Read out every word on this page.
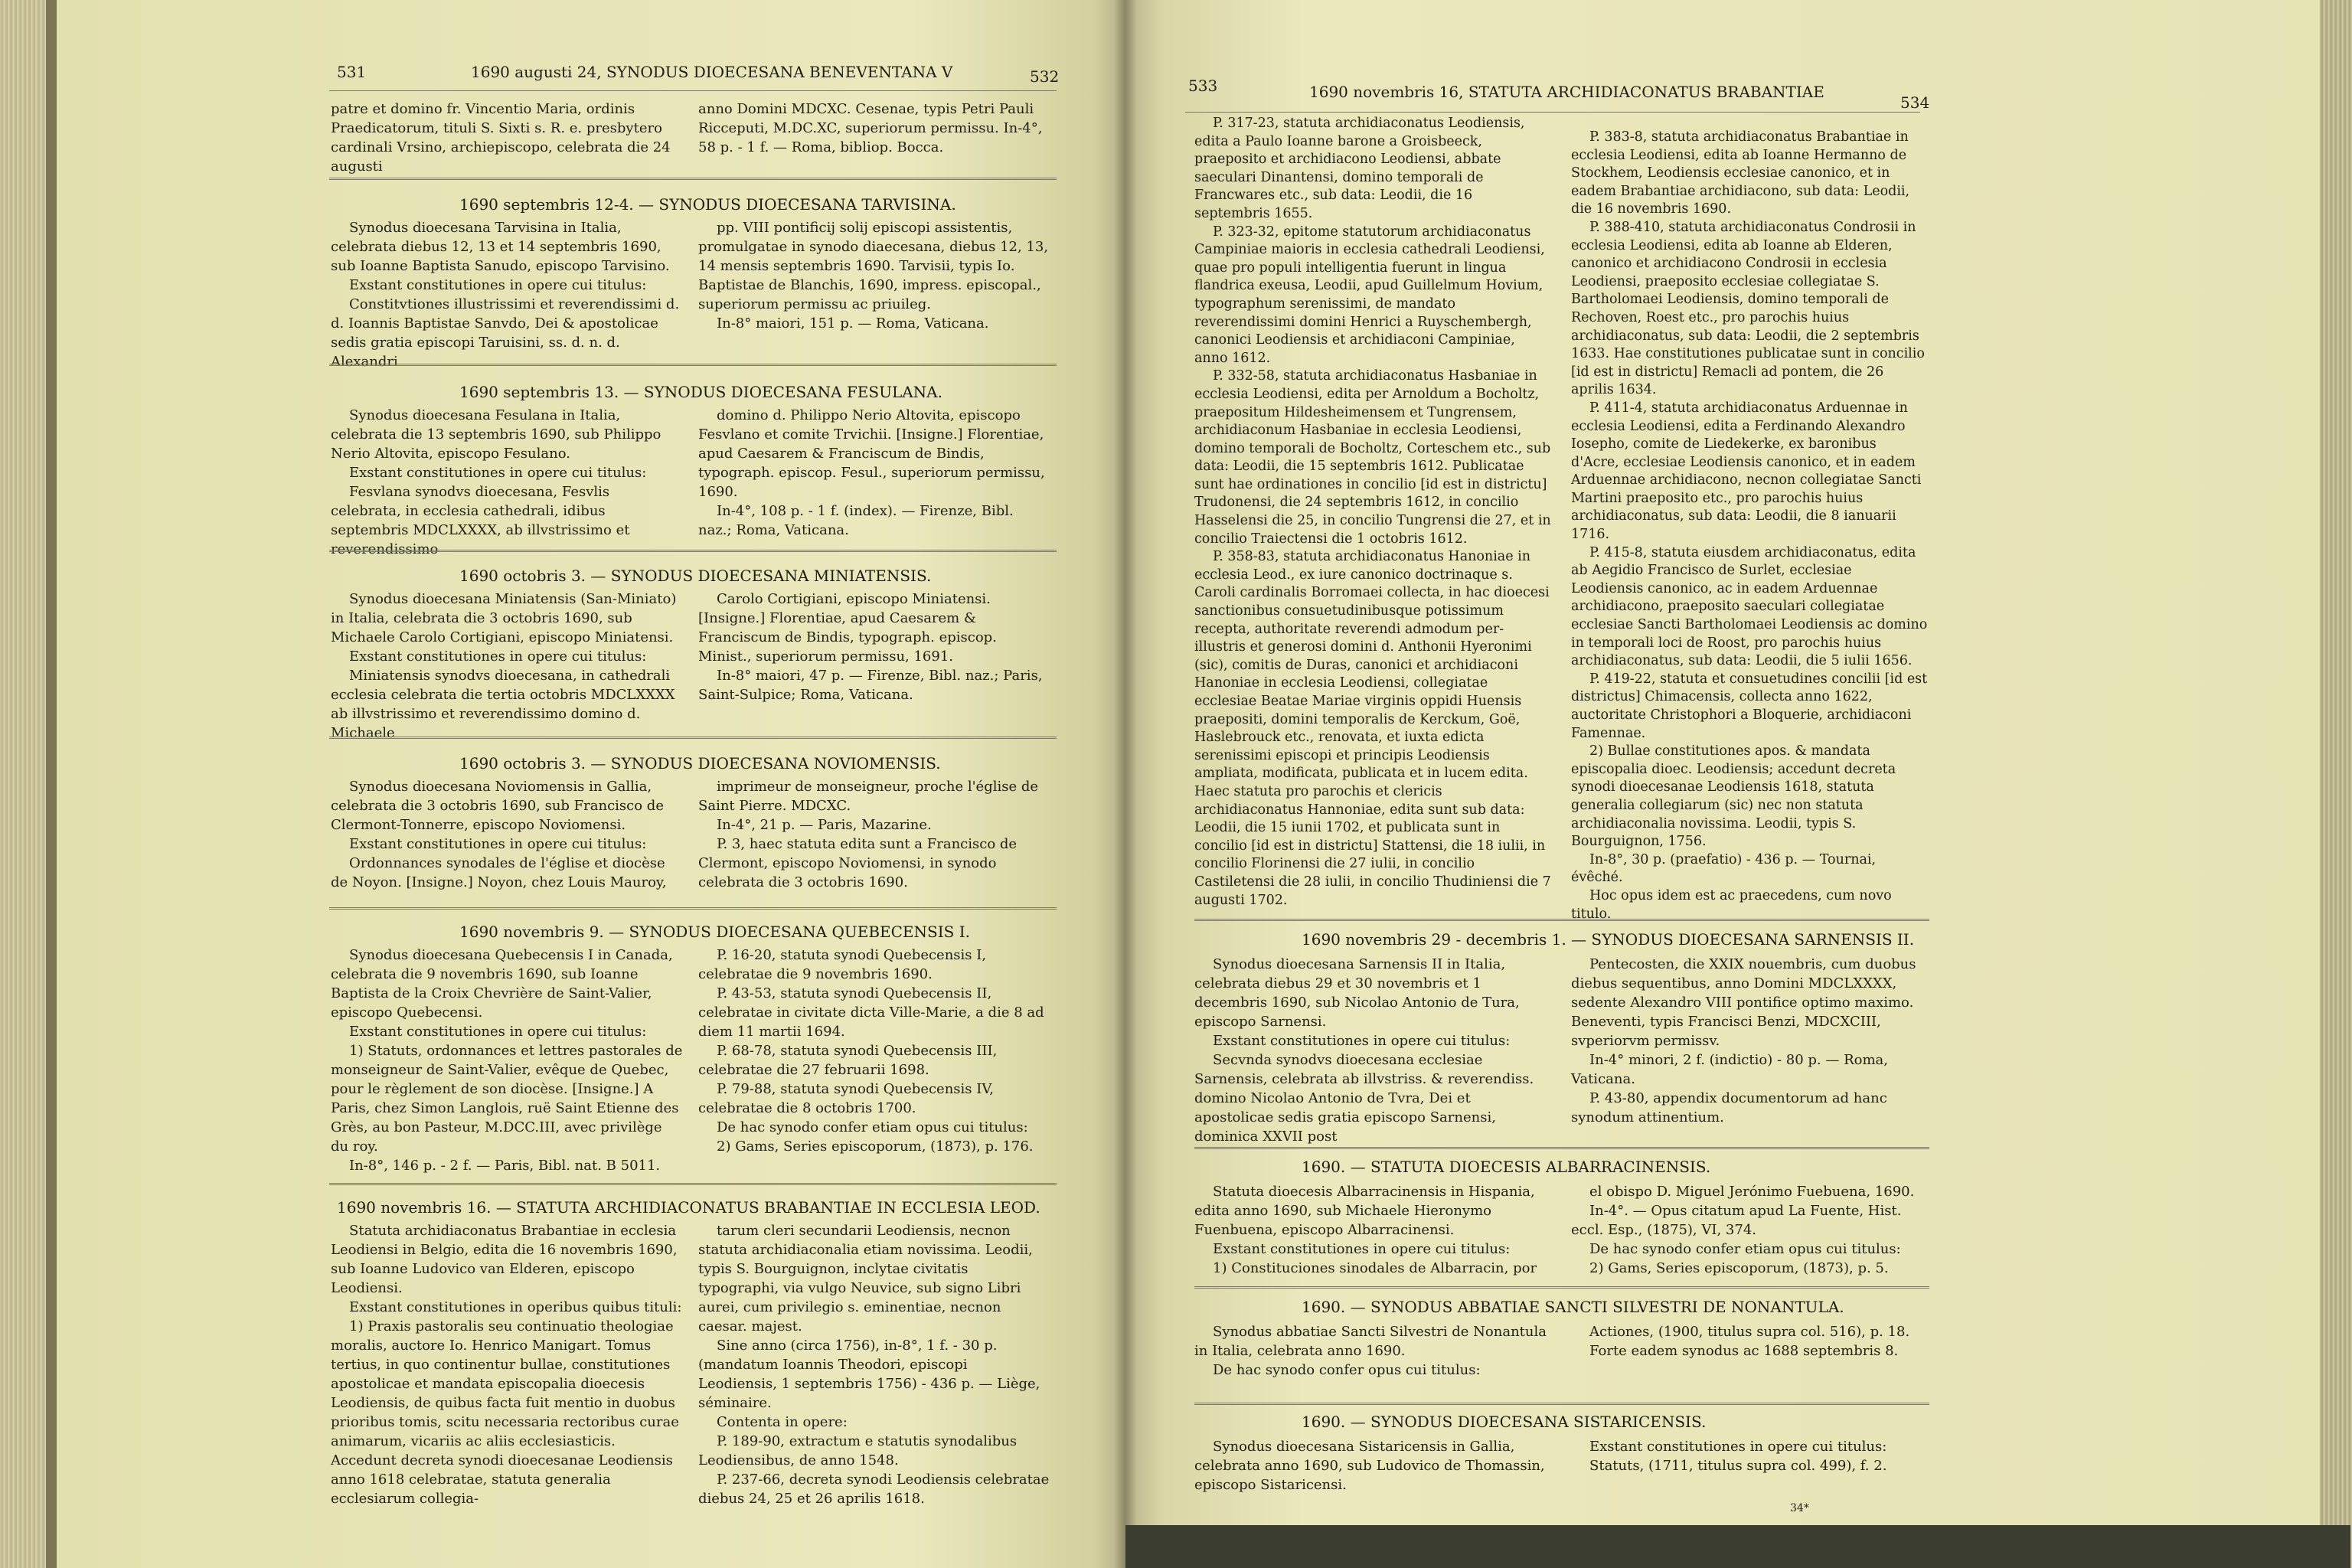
531	1690 augusti 24, SYNODUS DIOECESANA BENEVENTANA V	532

patre et domino fr. Vincentio Maria, ordinis Praedicatorum, tituli S. Sixti s. R. e. presbytero cardinali Vrsino, archiepiscopo, celebrata die 24 augusti

anno Domini MDCXC. Cesenae, typis Petri Pauli Ricceputi, M.DC.XC, superiorum permissu. In-4°, 58 p. - 1 f. — Roma, bibliop. Bocca.

1690 septembris 12-4. — SYNODUS DIOECESANA TARVISINA.

Synodus dioecesana Tarvisina in Italia, celebrata diebus 12, 13 et 14 septembris 1690, sub Ioanne Baptista Sanudo, episcopo Tarvisino.

Exstant constitutiones in opere cui titulus:

Constitvtiones illustrissimi et reverendissimi d. d. Ioannis Baptistae Sanvdo, Dei & apostolicae sedis gratia episcopi Taruisini, ss. d. n. d. Alexandri

pp. VIII pontificij solij episcopi assistentis, promulgatae in synodo diaecesana, diebus 12, 13, 14 mensis septembris 1690. Tarvisii, typis Io. Baptistae de Blanchis, 1690, impress. episcopal., superiorum permissu ac priuileg.

In-8° maiori, 151 p. — Roma, Vaticana.

1690 septembris 13. — SYNODUS DIOECESANA FESULANA.

Synodus dioecesana Fesulana in Italia, celebrata die 13 septembris 1690, sub Philippo Nerio Altovita, episcopo Fesulano.

Exstant constitutiones in opere cui titulus:

Fesvlana synodvs dioecesana, Fesvlis celebrata, in ecclesia cathedrali, idibus septembris MDCLXXXX, ab illvstrissimo et reverendissimo

domino d. Philippo Nerio Altovita, episcopo Fesvlano et comite Trvichii. [Insigne.] Florentiae, apud Caesarem & Franciscum de Bindis, typograph. episcop. Fesul., superiorum permissu, 1690.

In-4°, 108 p. - 1 f. (index). — Firenze, Bibl. naz.; Roma, Vaticana.

1690 octobris 3. — SYNODUS DIOECESANA MINIATENSIS.

Synodus dioecesana Miniatensis (San-Miniato) in Italia, celebrata die 3 octobris 1690, sub Michaele Carolo Cortigiani, episcopo Miniatensi.

Exstant constitutiones in opere cui titulus:

Miniatensis synodvs dioecesana, in cathedrali ecclesia celebrata die tertia octobris MDCLXXXX ab illvstrissimo et reverendissimo domino d. Michaele

Carolo Cortigiani, episcopo Miniatensi. [Insigne.] Florentiae, apud Caesarem & Franciscum de Bindis, typograph. episcop. Minist., superiorum permissu, 1691.

In-8° maiori, 47 p. — Firenze, Bibl. naz.; Paris, Saint-Sulpice; Roma, Vaticana.

1690 octobris 3. — SYNODUS DIOECESANA NOVIOMENSIS.

Synodus dioecesana Noviomensis in Gallia, celebrata die 3 octobris 1690, sub Francisco de Clermont-Tonnerre, episcopo Noviomensi.

Exstant constitutiones in opere cui titulus:

Ordonnances synodales de l'église et diocèse de Noyon. [Insigne.] Noyon, chez Louis Mauroy,

imprimeur de monseigneur, proche l'église de Saint Pierre. MDCXC.

In-4°, 21 p. — Paris, Mazarine.

P. 3, haec statuta edita sunt a Francisco de Clermont, episcopo Noviomensi, in synodo celebrata die 3 octobris 1690.

1690 novembris 9. — SYNODUS DIOECESANA QUEBECENSIS I.

Synodus dioecesana Quebecensis I in Canada, celebrata die 9 novembris 1690, sub Ioanne Baptista de la Croix Chevrière de Saint-Valier, episcopo Quebecensi.

Exstant constitutiones in opere cui titulus:

1) Statuts, ordonnances et lettres pastorales de monseigneur de Saint-Valier, evêque de Quebec, pour le règlement de son diocèse. [Insigne.] A Paris, chez Simon Langlois, ruë Saint Etienne des Grès, au bon Pasteur, M.DCC.III, avec privilège du roy.

In-8°, 146 p. - 2 f. — Paris, Bibl. nat. B 5011.

P. 16-20, statuta synodi Quebecensis I, celebratae die 9 novembris 1690.

P. 43-53, statuta synodi Quebecensis II, celebratae in civitate dicta Ville-Marie, a die 8 ad diem 11 martii 1694.

P. 68-78, statuta synodi Quebecensis III, celebratae die 27 februarii 1698.

P. 79-88, statuta synodi Quebecensis IV, celebratae die 8 octobris 1700.

De hac synodo confer etiam opus cui titulus:

2) Gams, Series episcoporum, (1873), p. 176.

1690 novembris 16. — STATUTA ARCHIDIACONATUS BRABANTIAE IN ECCLESIA LEOD.

Statuta archidiaconatus Brabantiae in ecclesia Leodiensi in Belgio, edita die 16 novembris 1690, sub Ioanne Ludovico van Elderen, episcopo Leodiensi.

Exstant constitutiones in operibus quibus tituli:

1) Praxis pastoralis seu continuatio theologiae moralis, auctore Io. Henrico Manigart. Tomus tertius, in quo continentur bullae, constitutiones apostolicae et mandata episcopalia dioecesis Leodiensis, de quibus facta fuit mentio in duobus prioribus tomis, scitu necessaria rectoribus curae animarum, vicariis ac aliis ecclesiasticis. Accedunt decreta synodi dioecesanae Leodiensis anno 1618 celebratae, statuta generalia ecclesiarum collegia-

tarum cleri secundarii Leodiensis, necnon statuta archidiaconalia etiam novissima. Leodii, typis S. Bourguignon, inclytae civitatis typographi, via vulgo Neuvice, sub signo Libri aurei, cum privilegio s. eminentiae, necnon caesar. majest.

Sine anno (circa 1756), in-8°, 1 f. - 30 p. (mandatum Ioannis Theodori, episcopi Leodiensis, 1 septembris 1756) - 436 p. — Liège, séminaire.

Contenta in opere:

P. 189-90, extractum e statutis synodalibus Leodiensibus, de anno 1548.

P. 237-66, decreta synodi Leodiensis celebratae diebus 24, 25 et 26 aprilis 1618.

533	1690 novembris 16, STATUTA ARCHIDIACONATUS BRABANTIAE
534

P. 317-23, statuta archidiaconatus Leodiensis, edita a Paulo Ioanne barone a Groisbeeck, praeposito et archidiacono Leodiensi, abbate saeculari Dinantensi, domino temporali de Francwares etc., sub data: Leodii, die 16 septembris 1655.

P. 323-32, epitome statutorum archidiaconatus Campiniae maioris in ecclesia cathedrali Leodiensi, quae pro populi intelligentia fuerunt in lingua flandrica exeusa, Leodii, apud Guillelmum Hovium, typographum serenissimi, de mandato reverendissimi domini Henrici a Ruyschembergh, canonici Leodiensis et archidiaconi Campiniae, anno 1612.

P. 332-58, statuta archidiaconatus Hasbaniae in ecclesia Leodiensi, edita per Arnoldum a Bocholtz, praepositum Hildesheimensem et Tungrensem, archidiaconum Hasbaniae in ecclesia Leodiensi, domino temporali de Bocholtz, Corteschem etc., sub data: Leodii, die 15 septembris 1612. Publicatae sunt hae ordinationes in concilio [id est in districtu] Trudonensi, die 24 septembris 1612, in concilio Hasselensi die 25, in concilio Tungrensi die 27, et in concilio Traiectensi die 1 octobris 1612.

P. 358-83, statuta archidiaconatus Hanoniae in ecclesia Leod., ex iure canonico doctrinaque s. Caroli cardinalis Borromaei collecta, in hac dioecesi sanctionibus consuetudinibusque potissimum recepta, authoritate reverendi admodum per-illustris et generosi domini d. Anthonii Hyeronimi (sic), comitis de Duras, canonici et archidiaconi Hanoniae in ecclesia Leodiensi, collegiatae ecclesiae Beatae Mariae virginis oppidi Huensis praepositi, domini temporalis de Kerckum, Goë, Haslebrouck etc., renovata, et iuxta edicta serenissimi episcopi et principis Leodiensis ampliata, modificata, publicata et in lucem edita. Haec statuta pro parochis et clericis archidiaconatus Hannoniae, edita sunt sub data: Leodii, die 15 iunii 1702, et publicata sunt in concilio [id est in districtu] Stattensi, die 18 iulii, in concilio Florinensi die 27 iulii, in concilio Castiletensi die 28 iulii, in concilio Thudiniensi die 7 augusti 1702.

P. 383-8, statuta archidiaconatus Brabantiae in ecclesia Leodiensi, edita ab Ioanne Hermanno de Stockhem, Leodiensis ecclesiae canonico, et in eadem Brabantiae archidiacono, sub data: Leodii, die 16 novembris 1690.

P. 388-410, statuta archidiaconatus Condrosii in ecclesia Leodiensi, edita ab Ioanne ab Elderen, canonico et archidiacono Condrosii in ecclesia Leodiensi, praeposito ecclesiae collegiatae S. Bartholomaei Leodiensis, domino temporali de Rechoven, Roest etc., pro parochis huius archidiaconatus, sub data: Leodii, die 2 septembris 1633. Hae constitutiones publicatae sunt in concilio [id est in districtu] Remacli ad pontem, die 26 aprilis 1634.

P. 411-4, statuta archidiaconatus Arduennae in ecclesia Leodiensi, edita a Ferdinando Alexandro Iosepho, comite de Liedekerke, ex baronibus d'Acre, ecclesiae Leodiensis canonico, et in eadem Arduennae archidiacono, necnon collegiatae Sancti Martini praeposito etc., pro parochis huius archidiaconatus, sub data: Leodii, die 8 ianuarii 1716.

P. 415-8, statuta eiusdem archidiaconatus, edita ab Aegidio Francisco de Surlet, ecclesiae Leodiensis canonico, ac in eadem Arduennae archidiacono, praeposito saeculari collegiatae ecclesiae Sancti Bartholomaei Leodiensis ac domino in temporali loci de Roost, pro parochis huius archidiaconatus, sub data: Leodii, die 5 iulii 1656.

P. 419-22, statuta et consuetudines concilii [id est districtus] Chimacensis, collecta anno 1622, auctoritate Christophori a Bloquerie, archidiaconi Famennae.

2) Bullae constitutiones apos. & mandata episcopalia dioec. Leodiensis; accedunt decreta synodi dioecesanae Leodiensis 1618, statuta generalia collegiarum (sic) nec non statuta archidiaconalia novissima. Leodii, typis S. Bourguignon, 1756.

In-8°, 30 p. (praefatio) - 436 p. — Tournai, évêché.

Hoc opus idem est ac praecedens, cum novo titulo.

1690 novembris 29 - decembris 1. — SYNODUS DIOECESANA SARNENSIS II.

Synodus dioecesana Sarnensis II in Italia, celebrata diebus 29 et 30 novembris et 1 decembris 1690, sub Nicolao Antonio de Tura, episcopo Sarnensi.

Exstant constitutiones in opere cui titulus:

Secvnda synodvs dioecesana ecclesiae Sarnensis, celebrata ab illvstriss. & reverendiss. domino Nicolao Antonio de Tvra, Dei et apostolicae sedis gratia episcopo Sarnensi, dominica XXVII post

Pentecosten, die XXIX nouembris, cum duobus diebus sequentibus, anno Domini MDCLXXXX, sedente Alexandro VIII pontifice optimo maximo. Beneventi, typis Francisci Benzi, MDCXCIII, svperiorvm permissv.

In-4° minori, 2 f. (indictio) - 80 p. — Roma, Vaticana.

P. 43-80, appendix documentorum ad hanc synodum attinentium.

1690. — STATUTA DIOECESIS ALBARRACINENSIS.

Statuta dioecesis Albarracinensis in Hispania, edita anno 1690, sub Michaele Hieronymo Fuenbuena, episcopo Albarracinensi.

Exstant constitutiones in opere cui titulus:

1) Constituciones sinodales de Albarracin, por

el obispo D. Miguel Jerónimo Fuebuena, 1690.

In-4°. — Opus citatum apud La Fuente, Hist. eccl. Esp., (1875), VI, 374.

De hac synodo confer etiam opus cui titulus:

2) Gams, Series episcoporum, (1873), p. 5.

1690. — SYNODUS ABBATIAE SANCTI SILVESTRI DE NONANTULA.

Synodus abbatiae Sancti Silvestri de Nonantula in Italia, celebrata anno 1690.

De hac synodo confer opus cui titulus:

Actiones, (1900, titulus supra col. 516), p. 18.

Forte eadem synodus ac 1688 septembris 8.

1690. — SYNODUS DIOECESANA SISTARICENSIS.

Synodus dioecesana Sistaricensis in Gallia, celebrata anno 1690, sub Ludovico de Thomassin, episcopo Sistaricensi.

Exstant constitutiones in opere cui titulus:

Statuts, (1711, titulus supra col. 499), f. 2.

34*
